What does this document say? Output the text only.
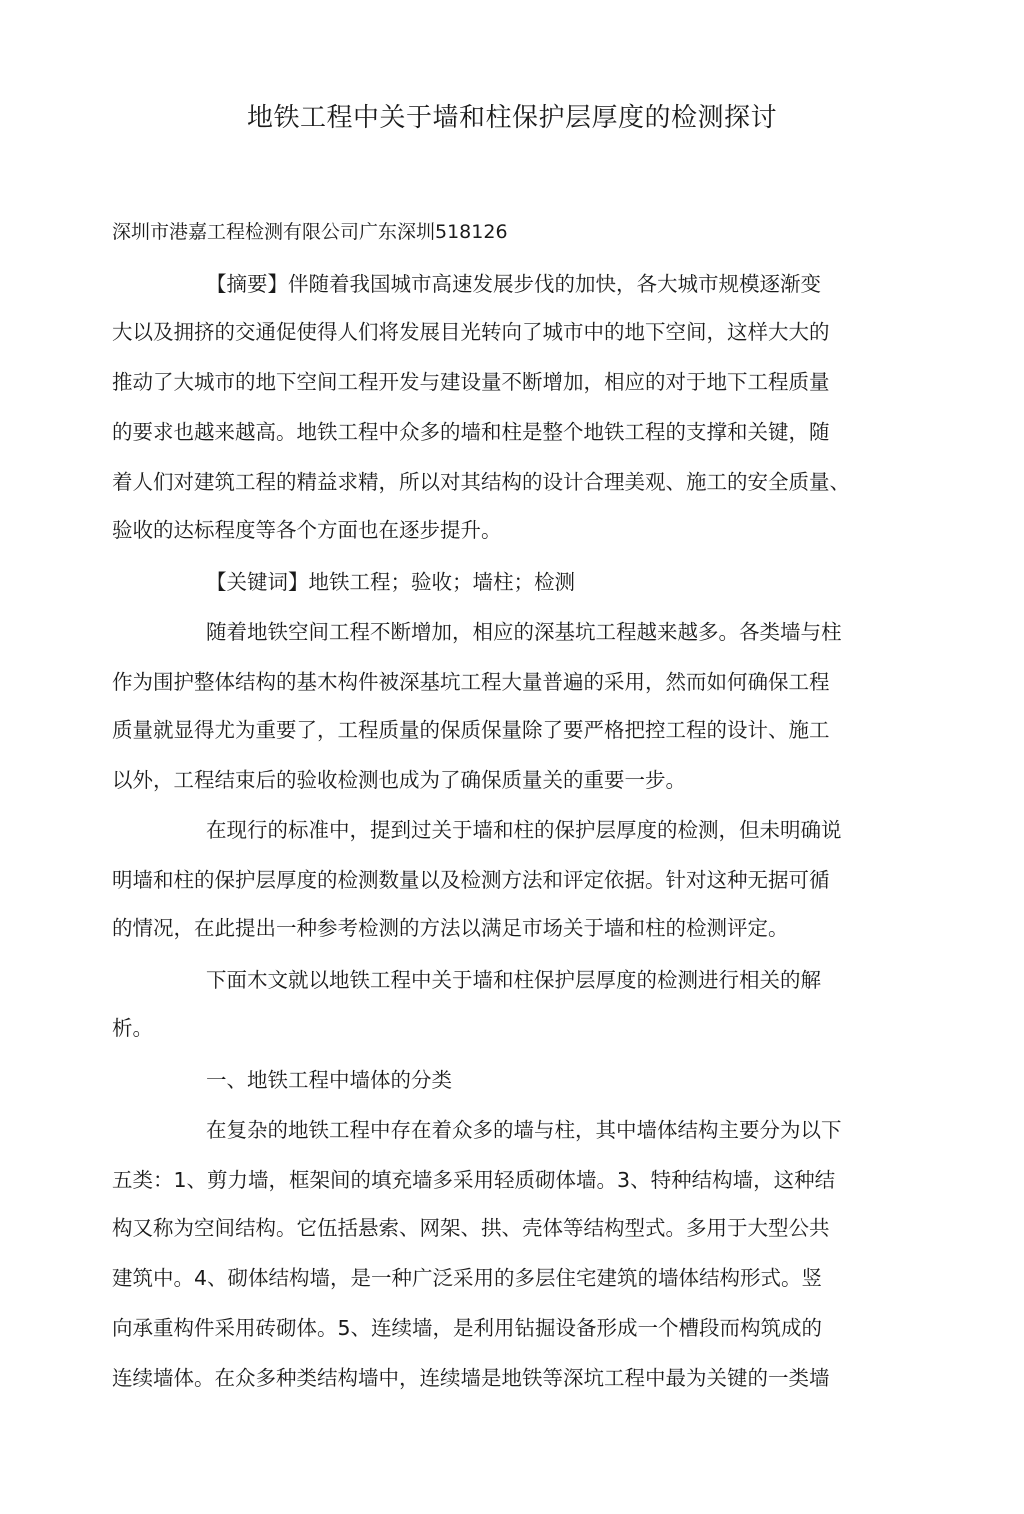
地铁工程中关于墙和柱保护层厚度的检测探讨
深圳市港嘉工程检测有限公司广东深圳518126
【摘要】伴随着我国城市高速发展步伐的加快，各大城市规模逐渐变
大以及拥挤的交通促使得人们将发展目光转向了城市中的地下空间，这样大大的
推动了大城市的地下空间工程开发与建设量不断增加，相应的对于地下工程质量
的要求也越来越高。地铁工程中众多的墙和柱是整个地铁工程的支撑和关键，随
着人们对建筑工程的精益求精，所以对其结构的设计合理美观、施工的安全质量、
验收的达标程度等各个方面也在逐步提升。
【关键词】地铁工程；验收；墙柱；检测
随着地铁空间工程不断增加，相应的深基坑工程越来越多。各类墙与柱
作为围护整体结构的基木构件被深基坑工程大量普遍的采用，然而如何确保工程
质量就显得尤为重要了，工程质量的保质保量除了要严格把控工程的设计、施工
以外，工程结束后的验收检测也成为了确保质量关的重要一步。
在现行的标准中，提到过关于墙和柱的保护层厚度的检测，但未明确说
明墙和柱的保护层厚度的检测数量以及检测方法和评定依据。针对这种无据可循
的情况，在此提出一种参考检测的方法以满足市场关于墙和柱的检测评定。
下面木文就以地铁工程中关于墙和柱保护层厚度的检测进行相关的解
析。
一、地铁工程中墙体的分类
在复杂的地铁工程中存在着众多的墙与柱，其中墙体结构主要分为以下
五类：1、剪力墙，框架间的填充墙多采用轻质砌体墙。3、特种结构墙，这种结
构又称为空间结构。它伍括悬索、网架、拱、壳体等结构型式。多用于大型公共
建筑中。4、砌体结构墙，是一种广泛采用的多层住宅建筑的墙体结构形式。竖
向承重构件采用砖砌体。5、连续墙，是利用钻掘设备形成一个槽段而构筑成的
连续墙体。在众多种类结构墙中，连续墙是地铁等深坑工程中最为关键的一类墙
